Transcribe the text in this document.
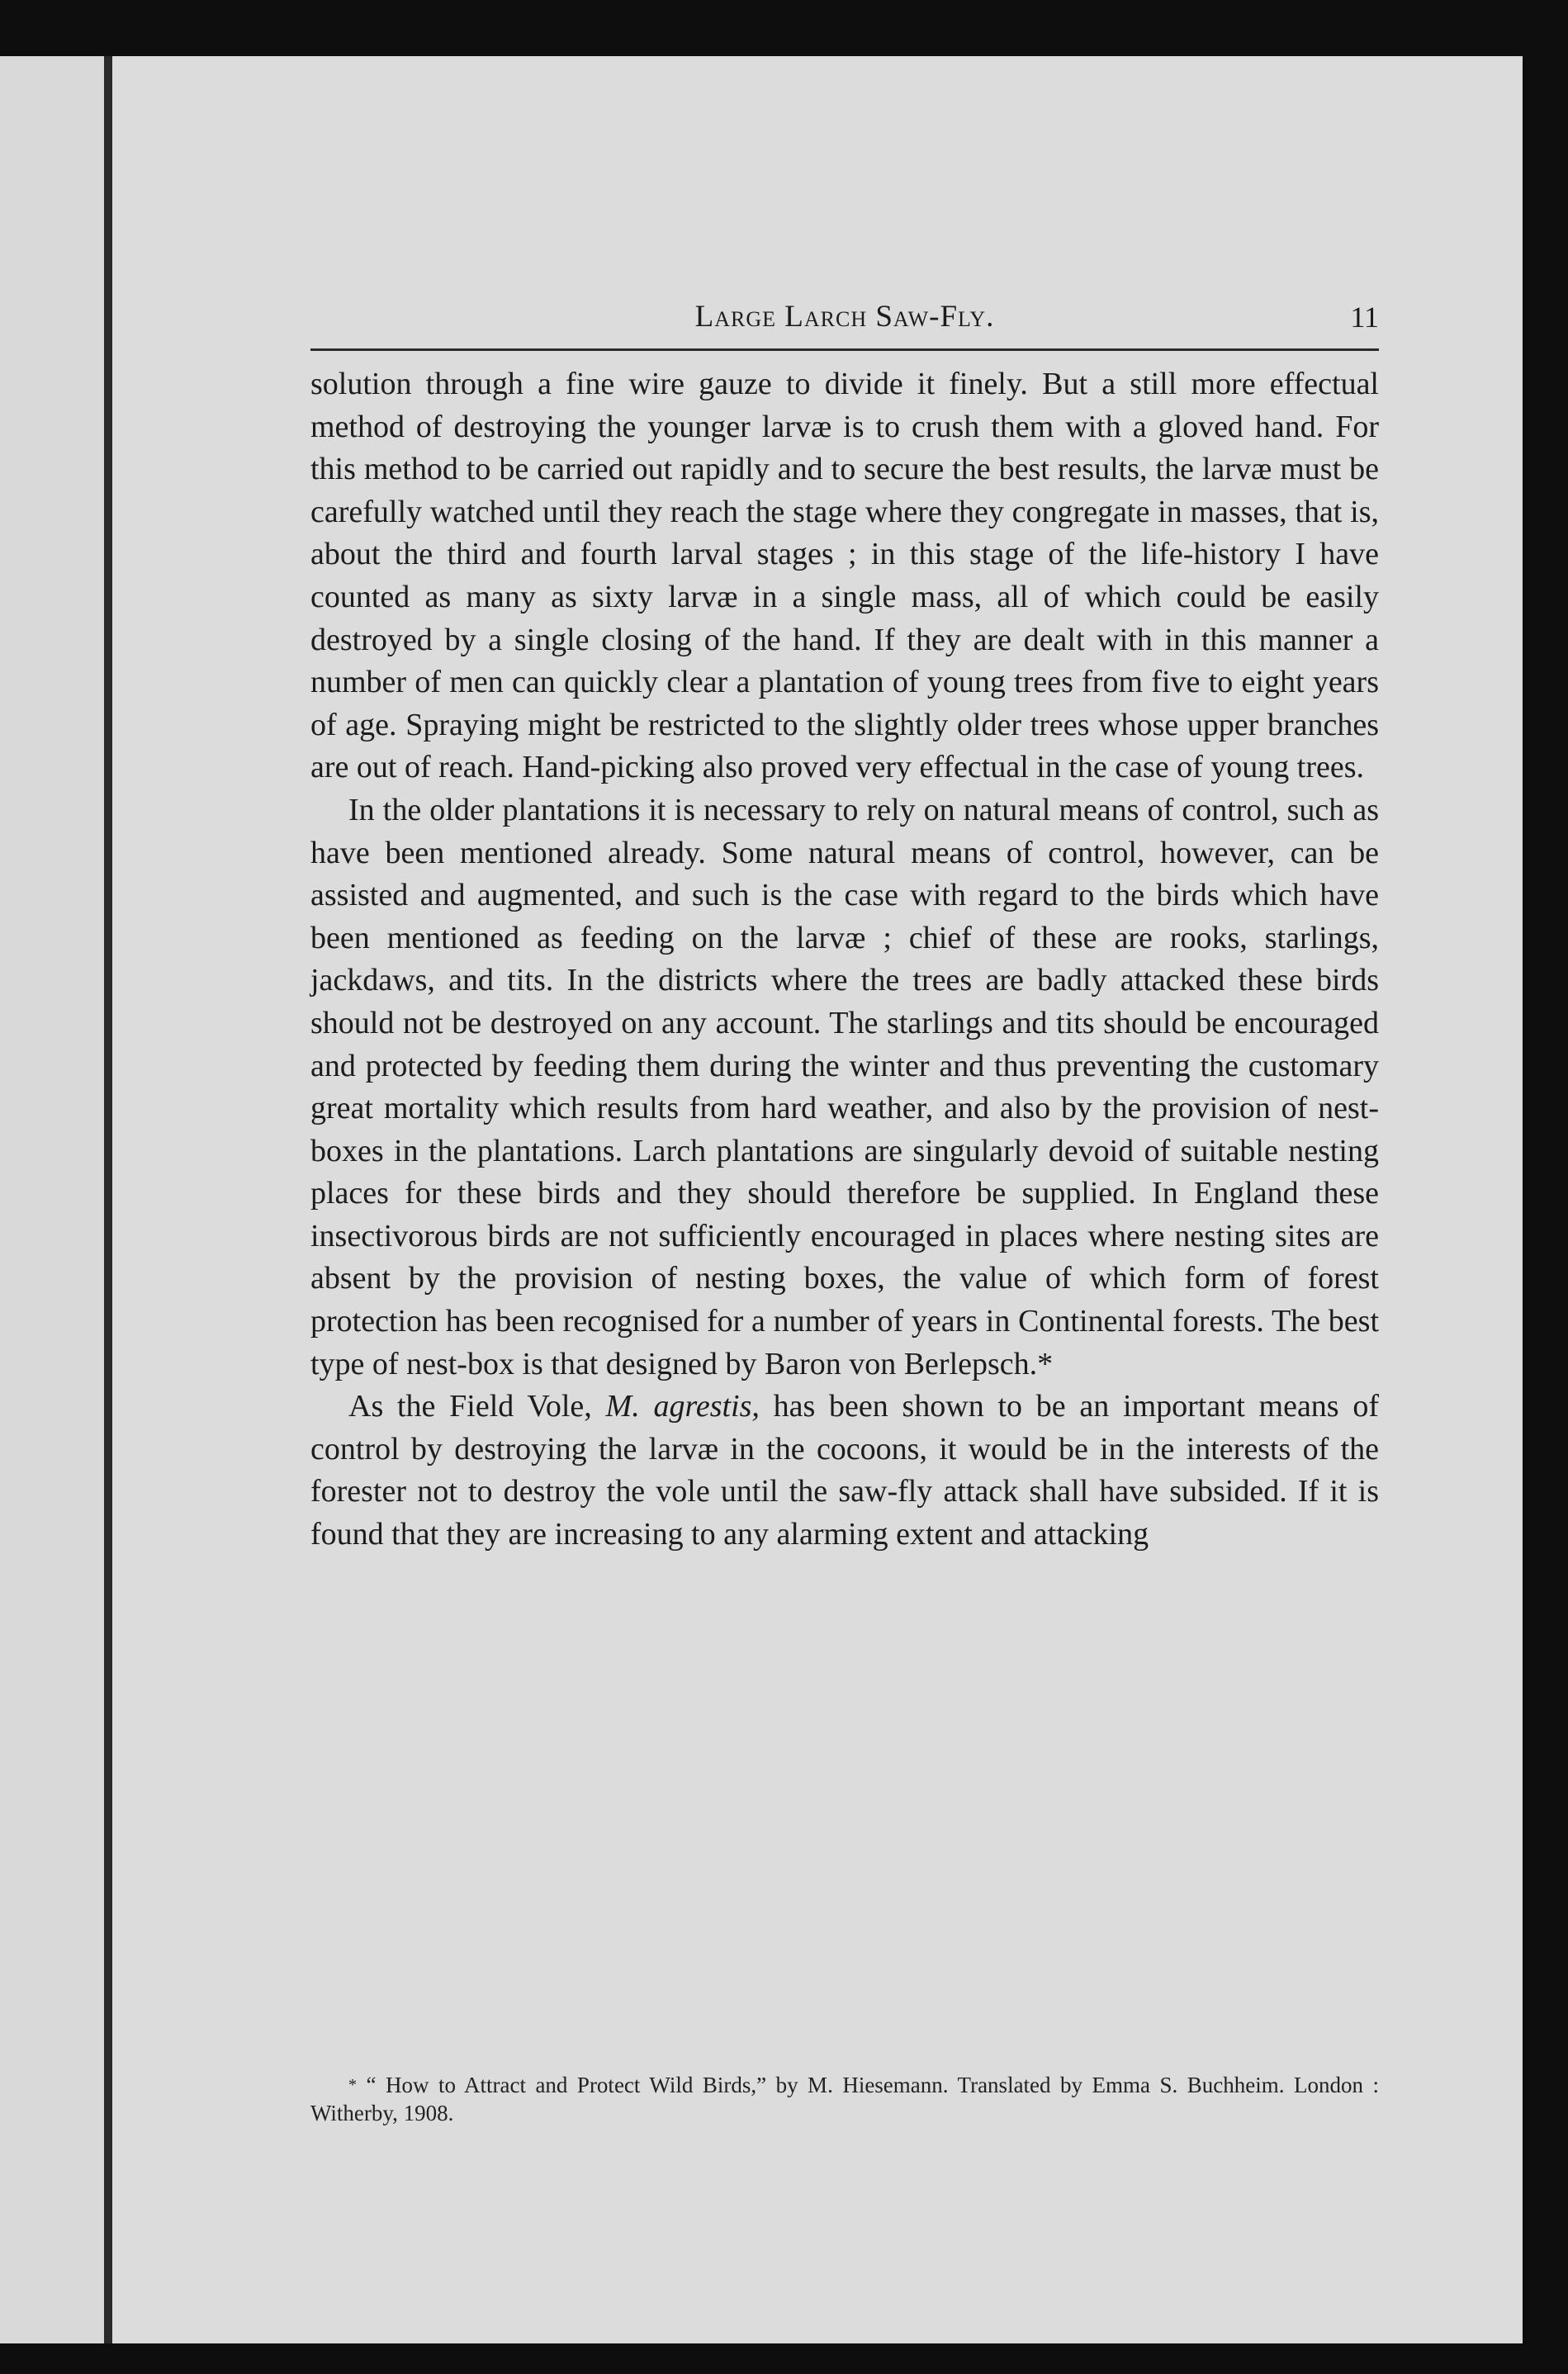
Large Larch Saw-Fly.	11

solution through a fine wire gauze to divide it finely. But a still more effectual method of destroying the younger larvæ is to crush them with a gloved hand. For this method to be carried out rapidly and to secure the best results, the larvæ must be carefully watched until they reach the stage where they congregate in masses, that is, about the third and fourth larval stages ; in this stage of the life-history I have counted as many as sixty larvæ in a single mass, all of which could be easily destroyed by a single closing of the hand. If they are dealt with in this manner a number of men can quickly clear a plantation of young trees from five to eight years of age. Spraying might be restricted to the slightly older trees whose upper branches are out of reach. Hand-picking also proved very effectual in the case of young trees.

In the older plantations it is necessary to rely on natural means of control, such as have been mentioned already. Some natural means of control, however, can be assisted and augmented, and such is the case with regard to the birds which have been mentioned as feeding on the larvæ ; chief of these are rooks, starlings, jackdaws, and tits. In the districts where the trees are badly attacked these birds should not be destroyed on any account. The starlings and tits should be encouraged and protected by feeding them during the winter and thus preventing the customary great mortality which results from hard weather, and also by the provision of nest-boxes in the plantations. Larch plantations are singularly devoid of suitable nesting places for these birds and they should therefore be supplied. In England these insectivorous birds are not sufficiently encouraged in places where nesting sites are absent by the provision of nesting boxes, the value of which form of forest protection has been recognised for a number of years in Continental forests. The best type of nest-box is that designed by Baron von Berlepsch.*

As the Field Vole, M. agrestis, has been shown to be an important means of control by destroying the larvæ in the cocoons, it would be in the interests of the forester not to destroy the vole until the saw-fly attack shall have subsided. If it is found that they are increasing to any alarming extent and attacking

* “ How to Attract and Protect Wild Birds,” by M. Hiesemann. Translated by Emma S. Buchheim. London : Witherby, 1908.
